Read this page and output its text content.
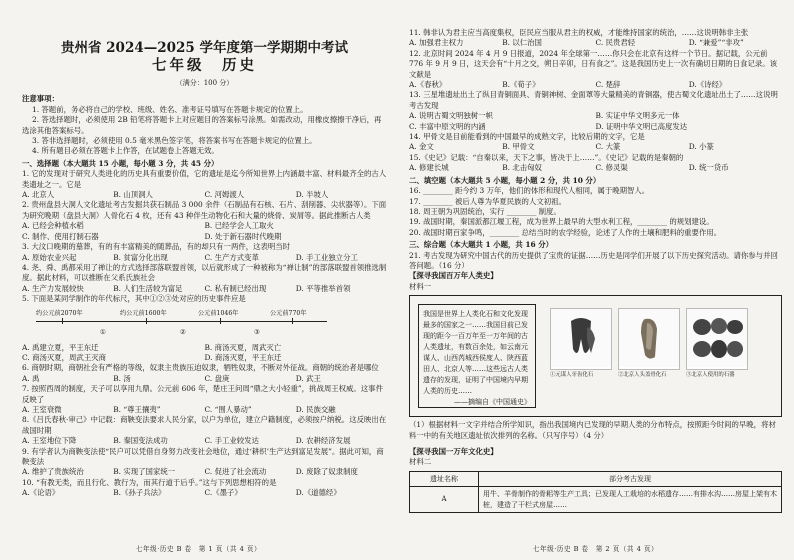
贵州省 2024—2025 学年度第一学期期中考试
七年级　历史
（满分：100 分）
注意事项：

1. 答题前，务必将自己的学校、班级、姓名、准考证号填写在答题卡规定的位置上。

2. 答选择题时，必须使用 2B 铅笔将答题卡上对应题目的答案标号涂黑。如需改动，用橡皮擦擦干净后，再选涂其他答案标号。

3. 答非选择题时，必须使用 0.5 毫米黑色签字笔，将答案书写在答题卡规定的位置上。

4. 所有题目必须在答题卡上作答，在试题卷上答题无效。

一、选择题（本大题共 15 小题，每小题 3 分，共 45 分）

1. 它的发现对于研究人类进化的历史具有重要价值，它的遗址是迄今所知世界上内涵最丰富、材料最齐全的古人类遗址之一。它是

A. 北京人	B. 山顶洞人	C. 河姆渡人	D. 半坡人

2. 贵州盘县大洞人文化遗址考古发掘共获石制品 3 000 余件（石制品有石核、石片、刮削器、尖状器等）。下面为研究晚期（盘县大洞）人骨化石 4 枚，还有 43 种伴生动物化石和大量的烧骨、炭屑等。据此推断古人类

A. 已经会种植水稻	B. 已经学会人工取火
C. 制作、使用打制石器	D. 处于新石器时代晚期

3. 大汶口晚期的墓葬，有的有丰富精美的随葬品，有的却只有一两件，这表明当时

A. 原始农业兴起	B. 贫富分化出现	C. 生产方式变革	D. 手工业独立分工

4. 尧、舜、禹都采用了禅让的方式选择部落联盟首领，以后就形成了一种被称为“禅让制”的部落联盟首领推选制度。据此材料，可以推断在父系氏族社会

A. 生产力发展较快	B. 人们生活较为富足	C. 私有制已经出现	D. 平等推举首领

5. 下面是某同学制作的年代标尺，其中①②③处对应的历史事件应是

约公元前2070年	约公元前1600年	公元前1046年	公元前770年
①	②	③
A. 禹建立夏，平王东迁	B. 商汤灭夏，周武灭亡
C. 商汤灭夏，周武王灭商	D. 商汤灭夏，平王东迁

6. 商朝时期，商朝社会有严格的等级，奴隶主贵族压迫奴隶，牺牲奴隶，不断对外征战。商朝的统治者是哪位

A. 禹	B. 汤	C. 盘庚	D. 武王

7. 按照西周的制度，天子可以享用九鼎。公元前 606 年，楚庄王问周“鼎之大小轻重”，挑战周王权威。这事件反映了

A. 王室衰微	B. “尊王攘夷”	C. “围人暴动”	D. 民族交融

8.《吕氏春秋·审己》中记载：商鞅变法要求人民分家，以户为单位，建立户籍制度，必须按户纳税。这反映出在战国时期

A. 王室地位下降	B. 秦国变法成功	C. 手工业较发达	D. 农耕经济发展

9. 有学者认为商鞅变法使“民户可以凭借自身努力改变社会地位，通过‘耕织’生产达到富足发展”。据此可知，商鞅变法

A. 维护了贵族统治	B. 实现了国家统一	C. 促进了社会流动	D. 废除了奴隶制度

10. “有教无类，而且行化、教行为，而其行道于后乎。”这与下列思想相符的是

A.《论语》	B.《孙子兵法》	C.《墨子》	D.《道德经》
七年级·历史 B 卷　第 1 页（共 4 页）

11. 韩非认为君主应当高度集权，臣民应当服从君主的权威，才能维持国家的统治，……这说明韩非主张

A. 加强君主权力	B. 以仁治国	C. 民贵君轻	D. “兼爱”“非攻”

12. 北京时间 2024 年 4 月 9 日报道，2024 年全球第一……你只会在北京有这样一个节日。据记载，公元前 776 年 9 月 9 日，这天会有“十月之交，朔日辛卯，日有食之”。这是我国历史上一次有确切日期的日食记录。该文献是

A.《春秋》	B.《荀子》	C. 楚辞	D.《诗经》

13. 三星堆遗址出土了纵目青铜面具、青铜神树、金面罩等大量精美的青铜器，使古蜀文化遗址出土了……这说明考古发现

A. 说明古蜀文明独树一帜	B. 实证中华文明多元一体
C. 丰富中原文明的内涵	D. 证明中华文明已高度发达

14. 甲骨文是目前能看到的中国最早的成熟文字，比较后期的文字，它是

A. 金文	B. 甲骨文	C. 大篆	D. 小篆

15.《史记》记载：“自秦以来，天下之事，皆决于上……”。《史记》记载的是秦朝的

A. 修建长城	B. 北击匈奴	C. 修灵渠	D. 统一货币
二、填空题（本大题共 5 小题，每小题 2 分，共 10 分）

16. ________ 距今约 3 万年，他们的体形和现代人相同，属于晚期智人。

17. ________ 被后人尊为华夏民族的人文初祖。

18. 周王朝为巩固统治，实行 ________ 制度。

19. 战国时期，秦国派都江堰工程，成为世界上最早的大型水利工程，________ 的规划建设。

20. 战国时期百家争鸣，________ 总结当时的农学经验，论述了人作的土壤和肥料的重要作用。

三、综合题（本大题共 1 小题，共 16 分）

21. 考古发现为研究中国古代的历史提供了宝贵的证据……历史是同学们开展了以下历史探究活动。请你参与并回答问题。（16 分）

【探寻我国百万年人类史】

材料一

我国是世界上人类化石和文化发现最多的国家之一……我国目前已发现的距今一百万年至一万年间的古人类遗址，有数百余处，如云南元谋人、山西芮城西侯度人、陕西蓝田人、北京人等……这些远古人类遗存的发现，证明了中国境内早期人类的历史……

——摘编自《中国通史》
①元谋人牙齿化石	②北京人头盖骨化石	③北京人使用的石器

（1）根据材料一文字并结合所学知识，指出我国境内已发现的早期人类的分布特点，按照距今时间的早晚，将材料一中的有关地区遗址依次排列的名称。（只写序号）（4 分）

【探寻我国一万年文化史】

材料二

遗址名称	部分考古发现
A	用牛、羊骨制作的骨耜等生产工具；已发现人工栽培的水稻遗存……有排水沟……房屋上架有木桩，建造了干栏式房屋……
七年级·历史 B 卷　第 2 页（共 4 页）
